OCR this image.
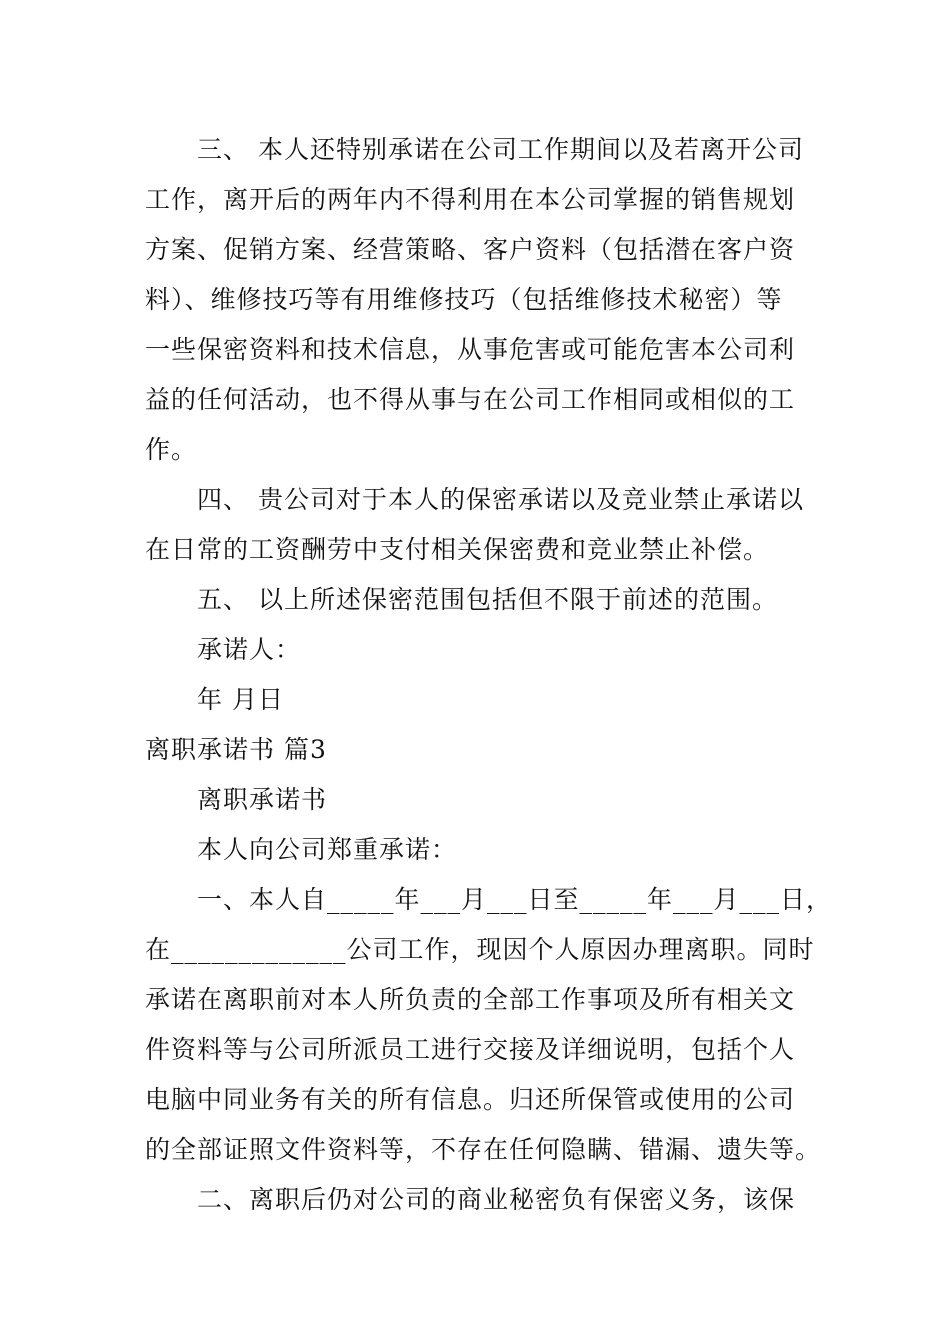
三、 本人还特别承诺在公司工作期间以及若离开公司
工作，离开后的两年内不得利用在本公司掌握的销售规划
方案、促销方案、经营策略、客户资料（包括潜在客户资
料）、维修技巧等有用维修技巧（包括维修技术秘密）等
一些保密资料和技术信息，从事危害或可能危害本公司利
益的任何活动，也不得从事与在公司工作相同或相似的工
作。
四、 贵公司对于本人的保密承诺以及竞业禁止承诺以
在日常的工资酬劳中支付相关保密费和竞业禁止补偿。
五、 以上所述保密范围包括但不限于前述的范围。
承诺人：
年 月日
离职承诺书 篇3
离职承诺书
本人向公司郑重承诺：
一、本人自_____年___月___日至_____年___月___日，
在_____________公司工作，现因个人原因办理离职。同时
承诺在离职前对本人所负责的全部工作事项及所有相关文
件资料等与公司所派员工进行交接及详细说明，包括个人
电脑中同业务有关的所有信息。归还所保管或使用的公司
的全部证照文件资料等，不存在任何隐瞒、错漏、遗失等。
二、离职后仍对公司的商业秘密负有保密义务，该保
